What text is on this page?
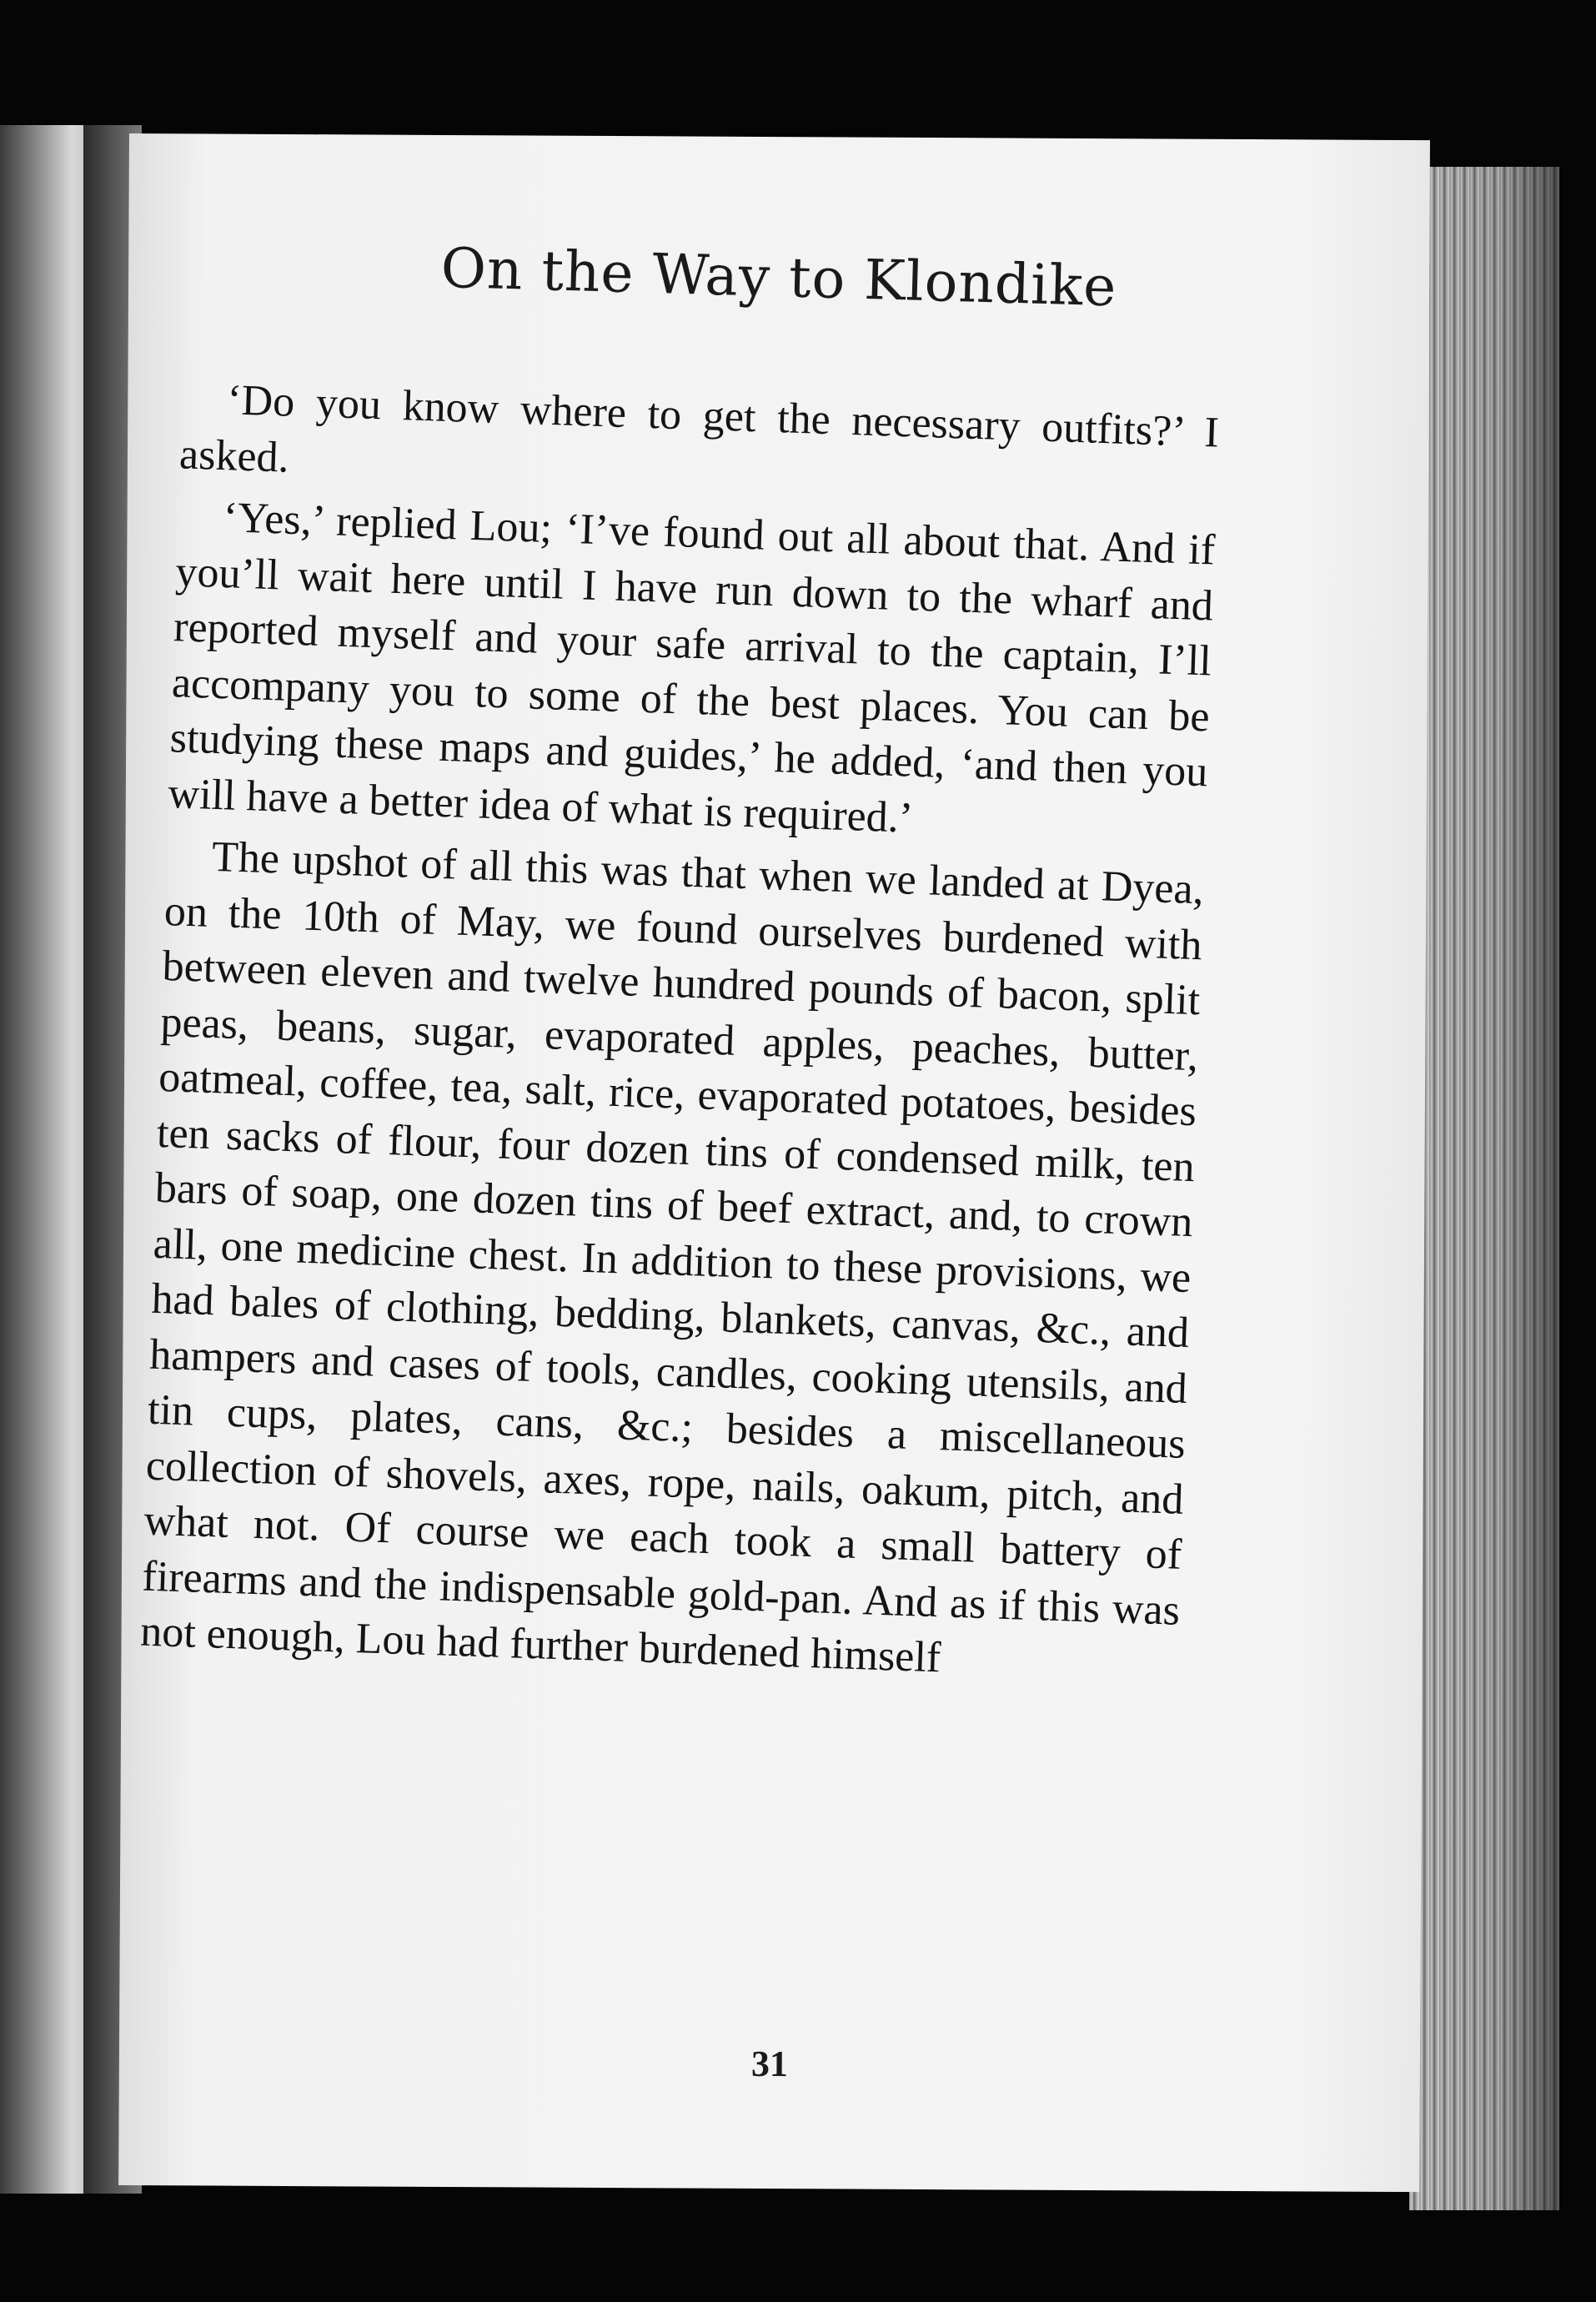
On the Way to Klondike

‘Do you know where to get the necessary outfits?’ I asked.

‘Yes,’ replied Lou; ‘I’ve found out all about that. And if you’ll wait here until I have run down to the wharf and reported myself and your safe arrival to the captain, I’ll accompany you to some of the best places. You can be studying these maps and guides,’ he added, ‘and then you will have a better idea of what is required.’

The upshot of all this was that when we landed at Dyea, on the 10th of May, we found ourselves burdened with between eleven and twelve hundred pounds of bacon, split peas, beans, sugar, evaporated apples, peaches, butter, oatmeal, coffee, tea, salt, rice, evaporated potatoes, besides ten sacks of flour, four dozen tins of condensed milk, ten bars of soap, one dozen tins of beef extract, and, to crown all, one medicine chest. In addition to these provisions, we had bales of clothing, bedding, blankets, canvas, &c., and hampers and cases of tools, candles, cooking utensils, and tin cups, plates, cans, &c.; besides a miscellaneous collection of shovels, axes, rope, nails, oakum, pitch, and what not. Of course we each took a small battery of firearms and the indispensable gold-pan. And as if this was not enough, Lou had further burdened himself

31
